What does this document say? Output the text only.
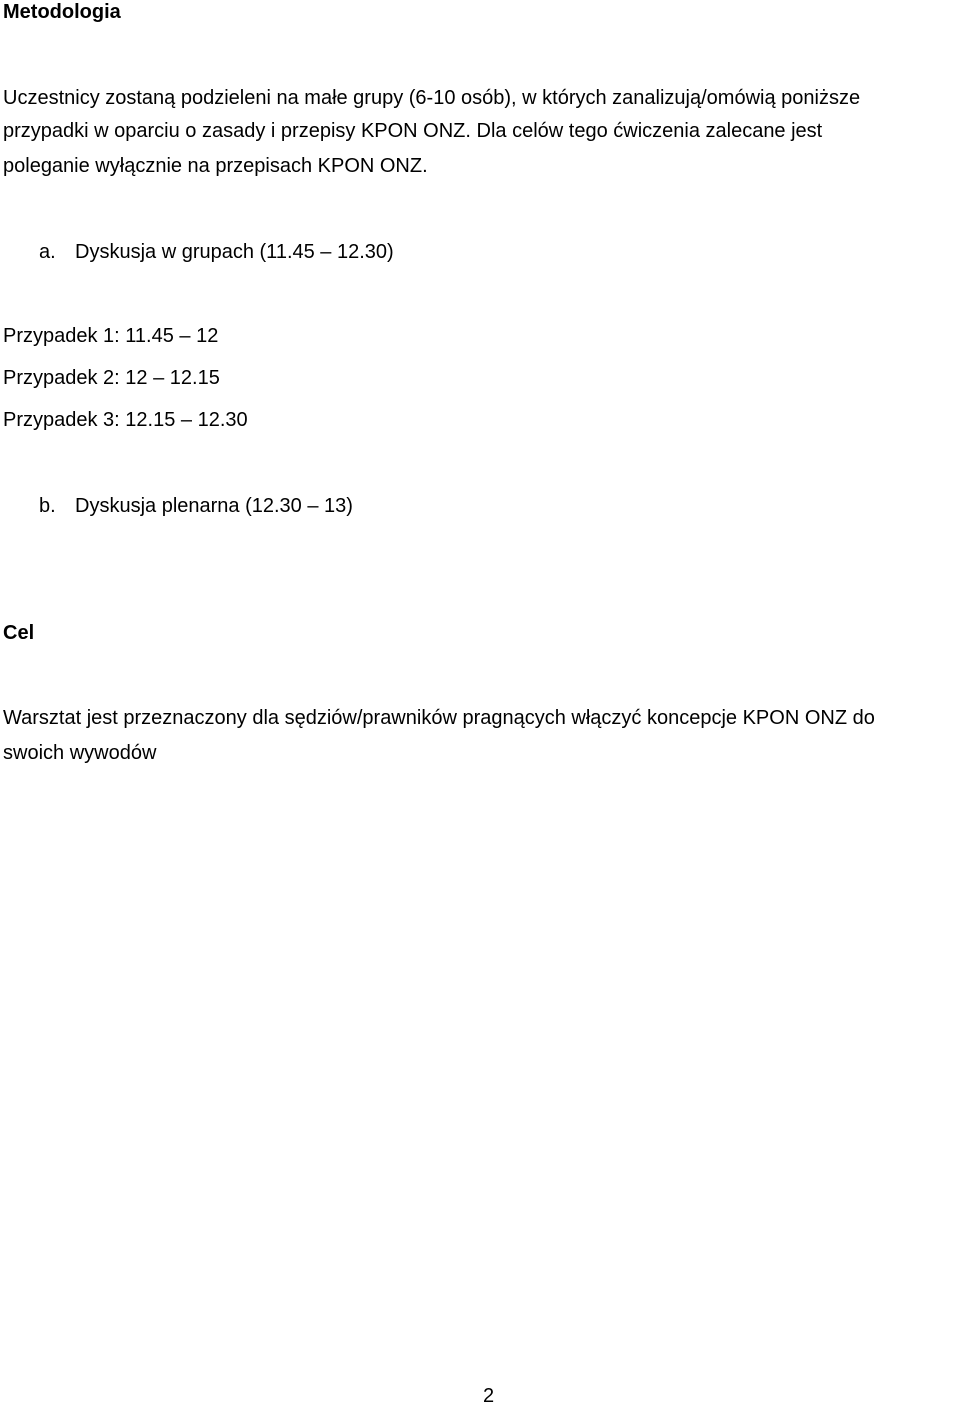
Metodologia
Uczestnicy zostaną podzieleni na małe grupy (6-10 osób), w których zanalizują/omówią poniższe
przypadki w oparciu o zasady i przepisy KPON ONZ. Dla celów tego ćwiczenia zalecane jest
poleganie wyłącznie na przepisach KPON ONZ.
a. Dyskusja w grupach (11.45 – 12.30)
Przypadek 1: 11.45 – 12
Przypadek 2: 12 – 12.15
Przypadek 3: 12.15 – 12.30
b. Dyskusja plenarna (12.30 – 13)
Cel
Warsztat jest przeznaczony dla sędziów/prawników pragnących włączyć koncepcje KPON ONZ do
swoich wywodów
2
